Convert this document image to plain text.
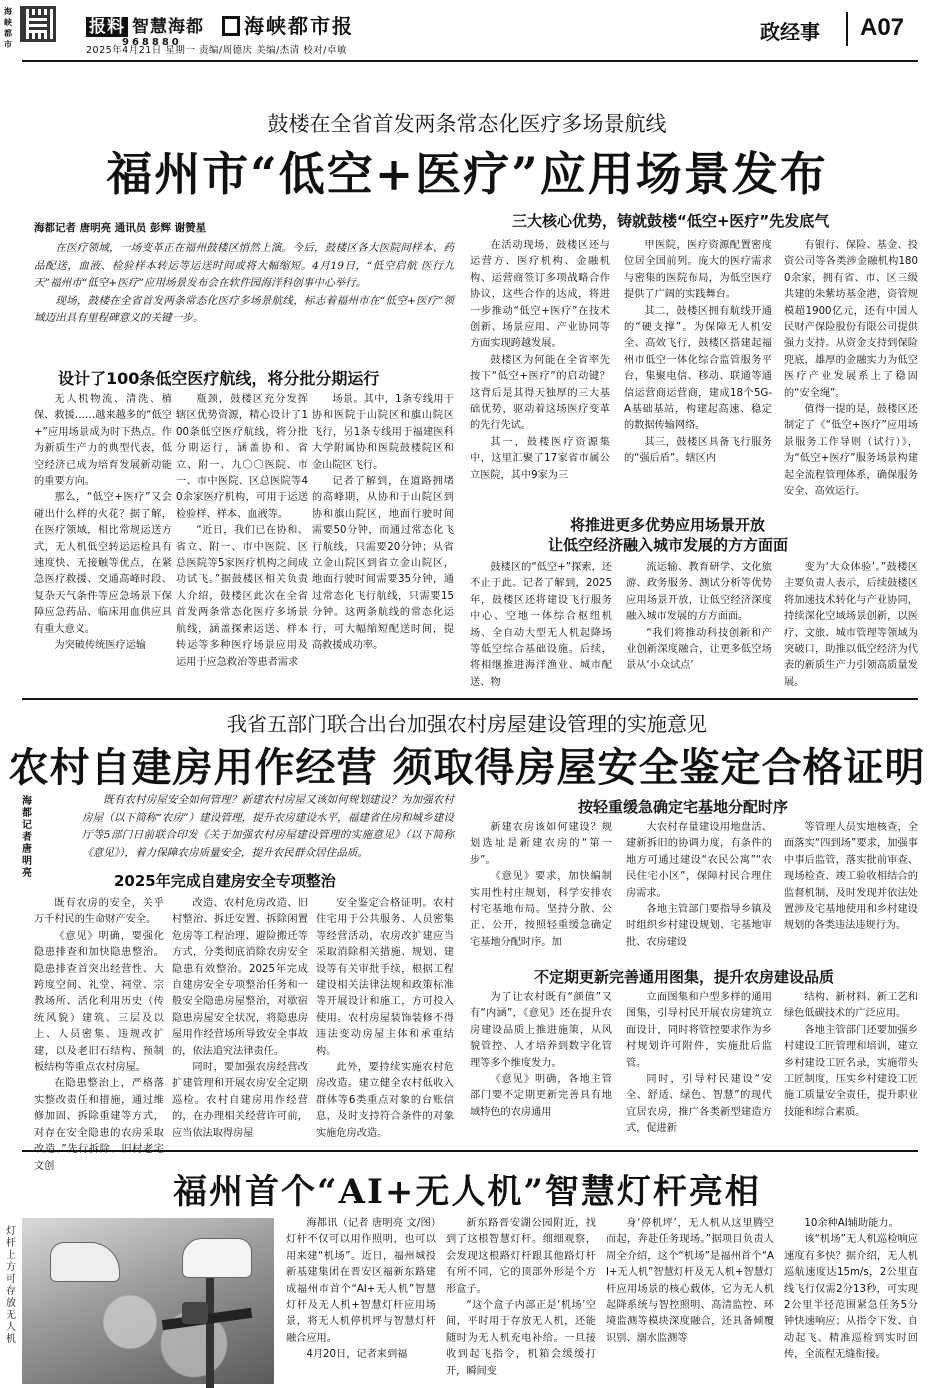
海峡都市
报料 智慧海都
968880
海峡都市报
2025年4月21日 星期一 责编/周德庆 美编/杰清 校对/卓敏
政经事 A07
鼓楼在全省首发两条常态化医疗多场景航线
福州市“低空+医疗”应用场景发布
海都记者 唐明亮 通讯员 彭辉 谢赞星	三大核心优势，铸就鼓楼“低空+医疗”先发底气

在医疗领域，一场变革正在福州鼓楼区悄然上演。今后，鼓楼区各大医院间样本、药品配送，血液、检验样本转运等运送时间或将大幅缩短。4月19日，“低空启航 医行九天”福州市“低空+医疗”应用场景发布会在软件园海洋科创事中心举行。

现场，鼓楼在全省首发两条常态化医疗多场景航线，标志着福州市在“低空+医疗”领域迈出具有里程碑意义的关键一步。

设计了100条低空医疗航线，将分批分期运行

无人机物流、清洗、植保、救援……越来越多的“低空+”应用场景成为时下热点。作为新质生产力的典型代表，低空经济已成为培育发展新动能的重要方向。

那么，“低空+医疗”又会碰出什么样的火花？据了解，在医疗领域，相比常规运送方式，无人机低空转运运检具有速度快、无接触等优点，在紧急医疗救援、交通高峰时段、复杂天气条件等应急场景下保障应急药品、临床用血供应具有重大意义。

为突破传统医疗运输

瓶颈，鼓楼区充分发挥辖区优势资源，精心设计了100条低空医疗航线，将分批分期运行，涵盖协和、省立、附一、九〇〇医院、市一、市中医院、区总医院等40余家医疗机构，可用于运送检验样、样本、血液等。

“近日，我们已在协和、省立、附一、市中医院、区总医院等5家医疗机构之间成功试飞。”据鼓楼区相关负责人介绍，鼓楼区此次在全省首发两条常态化医疗多场景航线，涵盖探索运送、样本转运等多种医疗场景应用及运用于应急救治等患者需求

场景。其中，1条专线用于协和医院于山院区和旗山院区飞行，另1条专线用于福建医科大学附属协和医院鼓楼院区和金山院区飞行。

记者了解到，在道路拥堵的高峰期，从协和于山院区到协和旗山院区，地面行驶时间需要50分钟，而通过常态化飞行航线，只需要20分钟；从省立金山院区到省立金山院区，地面行驶时间需要35分钟，通过常态化飞行航线，只需要15分钟。这两条航线的常态化运行，可大幅缩短配送时间，提高救援成功率。

在活动现场，鼓楼区还与运营方、医疗机构、金融机构、运营商签订多项战略合作协议，这些合作的达成，将进一步推动“低空+医疗”在技术创新、场景应用、产业协同等方面实现跨越发展。

鼓楼区为何能在全省率先按下“低空+医疗”的启动键？这背后是其得天独厚的三大基础优势，驱动着这场医疗变革的先行先试。

其一，鼓楼医疗资源集中，这里汇聚了17家省市属公立医院，其中9家为三

甲医院，医疗资源配置密度位居全国前列。庞大的医疗需求与密集的医院布局，为低空医疗提供了广阔的实践舞台。

其二，鼓楼区拥有航线开通的“硬支撑”。为保障无人机安全、高效飞行，鼓楼区搭建起福州市低空一体化综合监管服务平台，集聚电信、移动、联通等通信运营商运营商，建成18个5G-A基础基站，构建起高速、稳定的数据传输网络。

其三，鼓楼区具备飞行服务的“强后盾”。辖区内

有银行、保险、基金、投资公司等各类涉金融机构1800余家，拥有省、市、区三级共建的朱紫坊基金港，资管规模超1900亿元，还有中国人民财产保险股份有限公司提供强力支持。从资金支持到保险兜底，雄厚的金融实力为低空医疗产业发展系上了稳固的“安全绳”。

值得一提的是，鼓楼区还制定了《“低空+医疗”应用场景服务工作导则（试行）》，为“低空+医疗”服务场景构建起全流程管理体系，确保服务安全、高效运行。

将推进更多优势应用场景开放
让低空经济融入城市发展的方方面面

鼓楼区的“低空+”探索，还不止于此。记者了解到，2025年，鼓楼区还将建设飞行服务中心、空地一体综合枢纽机场、全自动大型无人机起降场等低空综合基础设施。后续，将相继推进海洋渔业、城市配送、物

流运输、教育研学、文化旅游、政务服务、测试分析等优势应用场景开放，让低空经济深度融入城市发展的方方面面。

“我们将推动科技创新和产业创新深度融合，让更多低空场景从‘小众试点’

变为‘大众体验’。”鼓楼区主要负责人表示，后续鼓楼区将加速技术转化与产业协同，持续深化空域场景创新，以医疗、文旅、城市管理等领域为突破口，助推以低空经济为代表的新质生产力引领高质量发展。

我省五部门联合出台加强农村房屋建设管理的实施意见
农村自建房用作经营 须取得房屋安全鉴定合格证明
海都记者 唐明亮

既有农村房屋安全如何管理？新建农村房屋又该如何规划建设？为加强农村房屋（以下简称“农房”）建设管理，提升农房建设水平，福建省住房和城乡建设厅等5部门日前联合印发《关于加强农村房屋建设管理的实施意见》（以下简称《意见》），着力保障农房质量安全，提升农民群众居住品质。

2025年完成自建房安全专项整治

既有农房的安全，关乎万千村民的生命财产安全。

《意见》明确，要强化隐患排查和加快隐患整治。隐患排查首突出经营性、大跨度空间、礼堂、祠堂、宗教场所、活化利用历史（传统风貌）建筑、三层及以上、人员密集、违规改扩建，以及老旧石结构、预制板结构等重点农村房屋。

在隐患整治上，严格落实整改责任和措施，通过维修加固、拆除重建等方式，对存在安全隐患的农房采取 文创

改造、农村危房改造、旧村整治、拆迁安置、拆除闲置危房等工程治理、避险搬迁等方式，分类彻底消除农房安全隐患有效整治。2025年完成自建房安全专项整治任务和一般安全隐患房屋整治，对歇宿隐患房屋安全状况，将隐患房屋用作经营场所导致安全事故的，依法追究法律责任。

同时，要加强农房经营改扩建管理和开展农房安全定期巡检。农村自建房用作经营的，在办理相关经营许可前，应当依法取得房屋

安全鉴定合格证明。农村住宅用于公共服务、人员密集等经营活动，农房改扩建应当采取消除相关措施、规划、建设等有关审批手续，根据工程建设相关法律法规和政策标准等开展设计和施工，方可投入使用。农村房屋装饰装修不得违法变动房屋主体和承重结构。

此外，要持续实施农村危房改造。建立健全农村低收入群体等6类重点对象的台账信息，及时支持符合条件的对象实施危房改造。

按轻重缓急确定宅基地分配时序

新建农房该如何建设？规划选址是新建农房的“第一步”。

《意见》要求，加快编制实用性村庄规划，科学安排农村宅基地布局。坚持分散、公正、公开，按照轻重缓急确定宅基地分配时序。加

大农村存量建设用地盘活、建新拆旧的协调力度，有条件的地方可通过建设“农民公寓”“农民住宅小区”，保障村民合理住房需求。

各地主管部门要指导乡镇及时组织乡村建设规划、宅基地审批、农房建设

等管理人员实地核查，全面落实“四到场”要求，加强事中事后监管，落实批前审查、现场检查、竣工验收相结合的监督机制，及时发现并依法处置涉及宅基地使用和乡村建设规划的各类违法违规行为。

不定期更新完善通用图集，提升农房建设品质

为了让农村既有“颜值”又有“内涵”，《意见》还在提升农房建设品质上推进施策，从风貌管控、人才培养到数字化管理等多个维度发力。

《意见》明确，各地主管部门要不定期更新完善具有地域特色的农房通用

立面图集和户型多样的通用图集，引导村民开展农房建筑立面设计，同时将管控要求作为乡村规划许可附件，实施批后监管。

同时，引导村民建设“安全、舒适、绿色、智慧”的现代宜居农房，推广各类新型建造方式，促进新

结构、新材料、新工艺和绿色低碳技术的广泛应用。

各地主管部门还要加强乡村建设工匠管理和培训，建立乡村建设工匠名录，实施带头工匠制度，压实乡村建设工匠施工质量安全责任，提升职业技能和综合素质。

福州首个“AI+无人机”智慧灯杆亮相
灯杆上方可存放无人机

海都讯（记者 唐明亮 文/图）灯杆不仅可以用作照明，也可以用来建“机场”。近日，福州城投新基建集团在晋安区福新东路建成福州市首个“AI+无人机”智慧灯杆及无人机+智慧灯杆应用场景，将无人机停机坪与智慧灯杆融合应用。

4月20日，记者来到福

新东路晋安湖公园附近，找到了这根智慧灯杆。细细观察，会发现这根路灯杆跟其他路灯杆有所不同，它的顶部外形是个方形盒子。

“这个盒子内部正是‘机场’空间，平时用于存放无人机，还能随时为无人机充电补给。一旦接收到起飞指令，机箱会缓缓打开，瞬间变

身‘停机坪’，无人机从这里腾空而起，奔赴任务现场。”据项目负责人周全介绍，这个“机场”是福州首个“AI+无人机”智慧灯杆及无人机+智慧灯杆应用场景的核心载体，它为无人机起降系统与智控照明、高清监控、环境监测等模块深度融合，还具备倾覆识别、溺水监测等

10余种AI辅助能力。

该“机场”无人机巡检响应速度有多快？据介绍，无人机巡航速度达15m/s，2公里直线飞行仅需2分13秒，可实现2公里半径范围紧急任务5分钟快速响应；从指令下发、自动起飞、精准巡检到实时回传，全流程无缝衔接。
